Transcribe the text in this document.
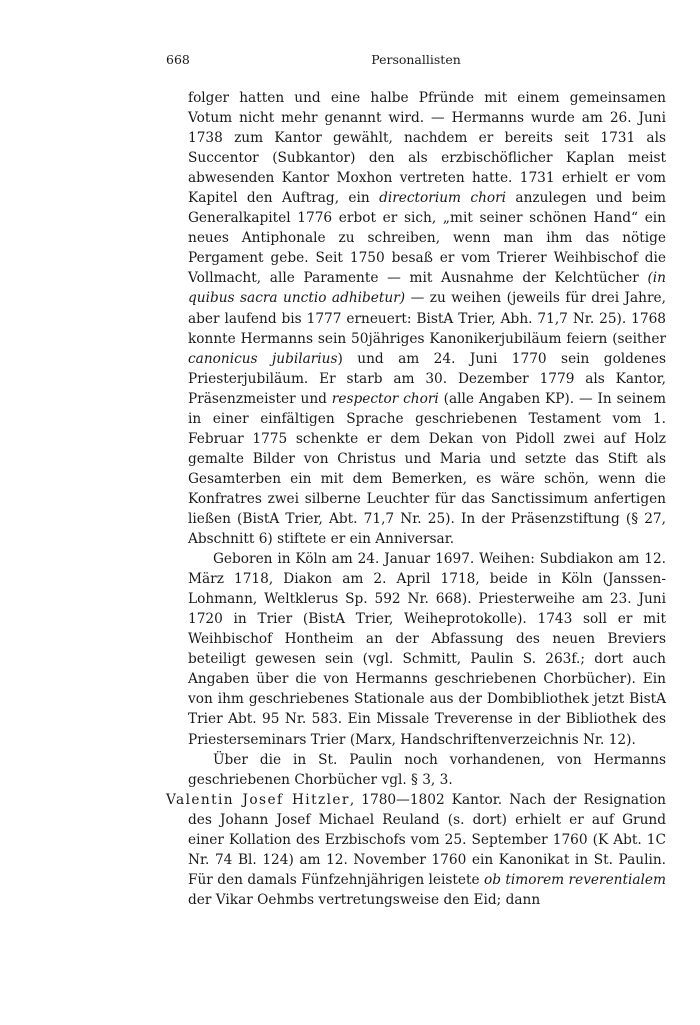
668	Personallisten

folger hatten und eine halbe Pfründe mit einem gemeinsamen Votum nicht mehr genannt wird. — Hermanns wurde am 26. Juni 1738 zum Kantor gewählt, nachdem er bereits seit 1731 als Succentor (Subkantor) den als erzbischöflicher Kaplan meist abwesenden Kantor Moxhon vertreten hatte. 1731 erhielt er vom Kapitel den Auftrag, ein directorium chori anzulegen und beim Generalkapitel 1776 erbot er sich, „mit seiner schönen Hand“ ein neues Antiphonale zu schreiben, wenn man ihm das nötige Pergament gebe. Seit 1750 besaß er vom Trierer Weihbischof die Vollmacht, alle Paramente — mit Ausnahme der Kelchtücher (in quibus sacra unctio adhibetur) — zu weihen (jeweils für drei Jahre, aber laufend bis 1777 erneuert: BistA Trier, Abh. 71,7 Nr. 25). 1768 konnte Hermanns sein 50jähriges Kanonikerjubiläum feiern (seither canonicus jubilarius) und am 24. Juni 1770 sein goldenes Priesterjubiläum. Er starb am 30. Dezember 1779 als Kantor, Präsenzmeister und respector chori (alle Angaben KP). — In seinem in einer einfältigen Sprache geschriebenen Testament vom 1. Februar 1775 schenkte er dem Dekan von Pidoll zwei auf Holz gemalte Bilder von Christus und Maria und setzte das Stift als Gesamterben ein mit dem Bemerken, es wäre schön, wenn die Konfratres zwei silberne Leuchter für das Sanctissimum anfertigen ließen (BistA Trier, Abt. 71,7 Nr. 25). In der Präsenzstiftung (§ 27, Abschnitt 6) stiftete er ein Anniversar.

Geboren in Köln am 24. Januar 1697. Weihen: Subdiakon am 12. März 1718, Diakon am 2. April 1718, beide in Köln (Janssen-Lohmann, Weltklerus Sp. 592 Nr. 668). Priesterweihe am 23. Juni 1720 in Trier (BistA Trier, Weiheprotokolle). 1743 soll er mit Weihbischof Hontheim an der Abfassung des neuen Breviers beteiligt gewesen sein (vgl. Schmitt, Paulin S. 263f.; dort auch Angaben über die von Hermanns geschriebenen Chorbücher). Ein von ihm geschriebenes Stationale aus der Dombibliothek jetzt BistA Trier Abt. 95 Nr. 583. Ein Missale Treverense in der Bibliothek des Priesterseminars Trier (Marx, Handschriftenverzeichnis Nr. 12).

Über die in St. Paulin noch vorhandenen, von Hermanns geschriebenen Chorbücher vgl. § 3, 3.

Valentin Josef Hitzler, 1780—1802 Kantor. Nach der Resignation des Johann Josef Michael Reuland (s. dort) erhielt er auf Grund einer Kollation des Erzbischofs vom 25. September 1760 (K Abt. 1C Nr. 74 Bl. 124) am 12. November 1760 ein Kanonikat in St. Paulin. Für den damals Fünfzehnjährigen leistete ob timorem reverentialem der Vikar Oehmbs vertretungsweise den Eid; dann
